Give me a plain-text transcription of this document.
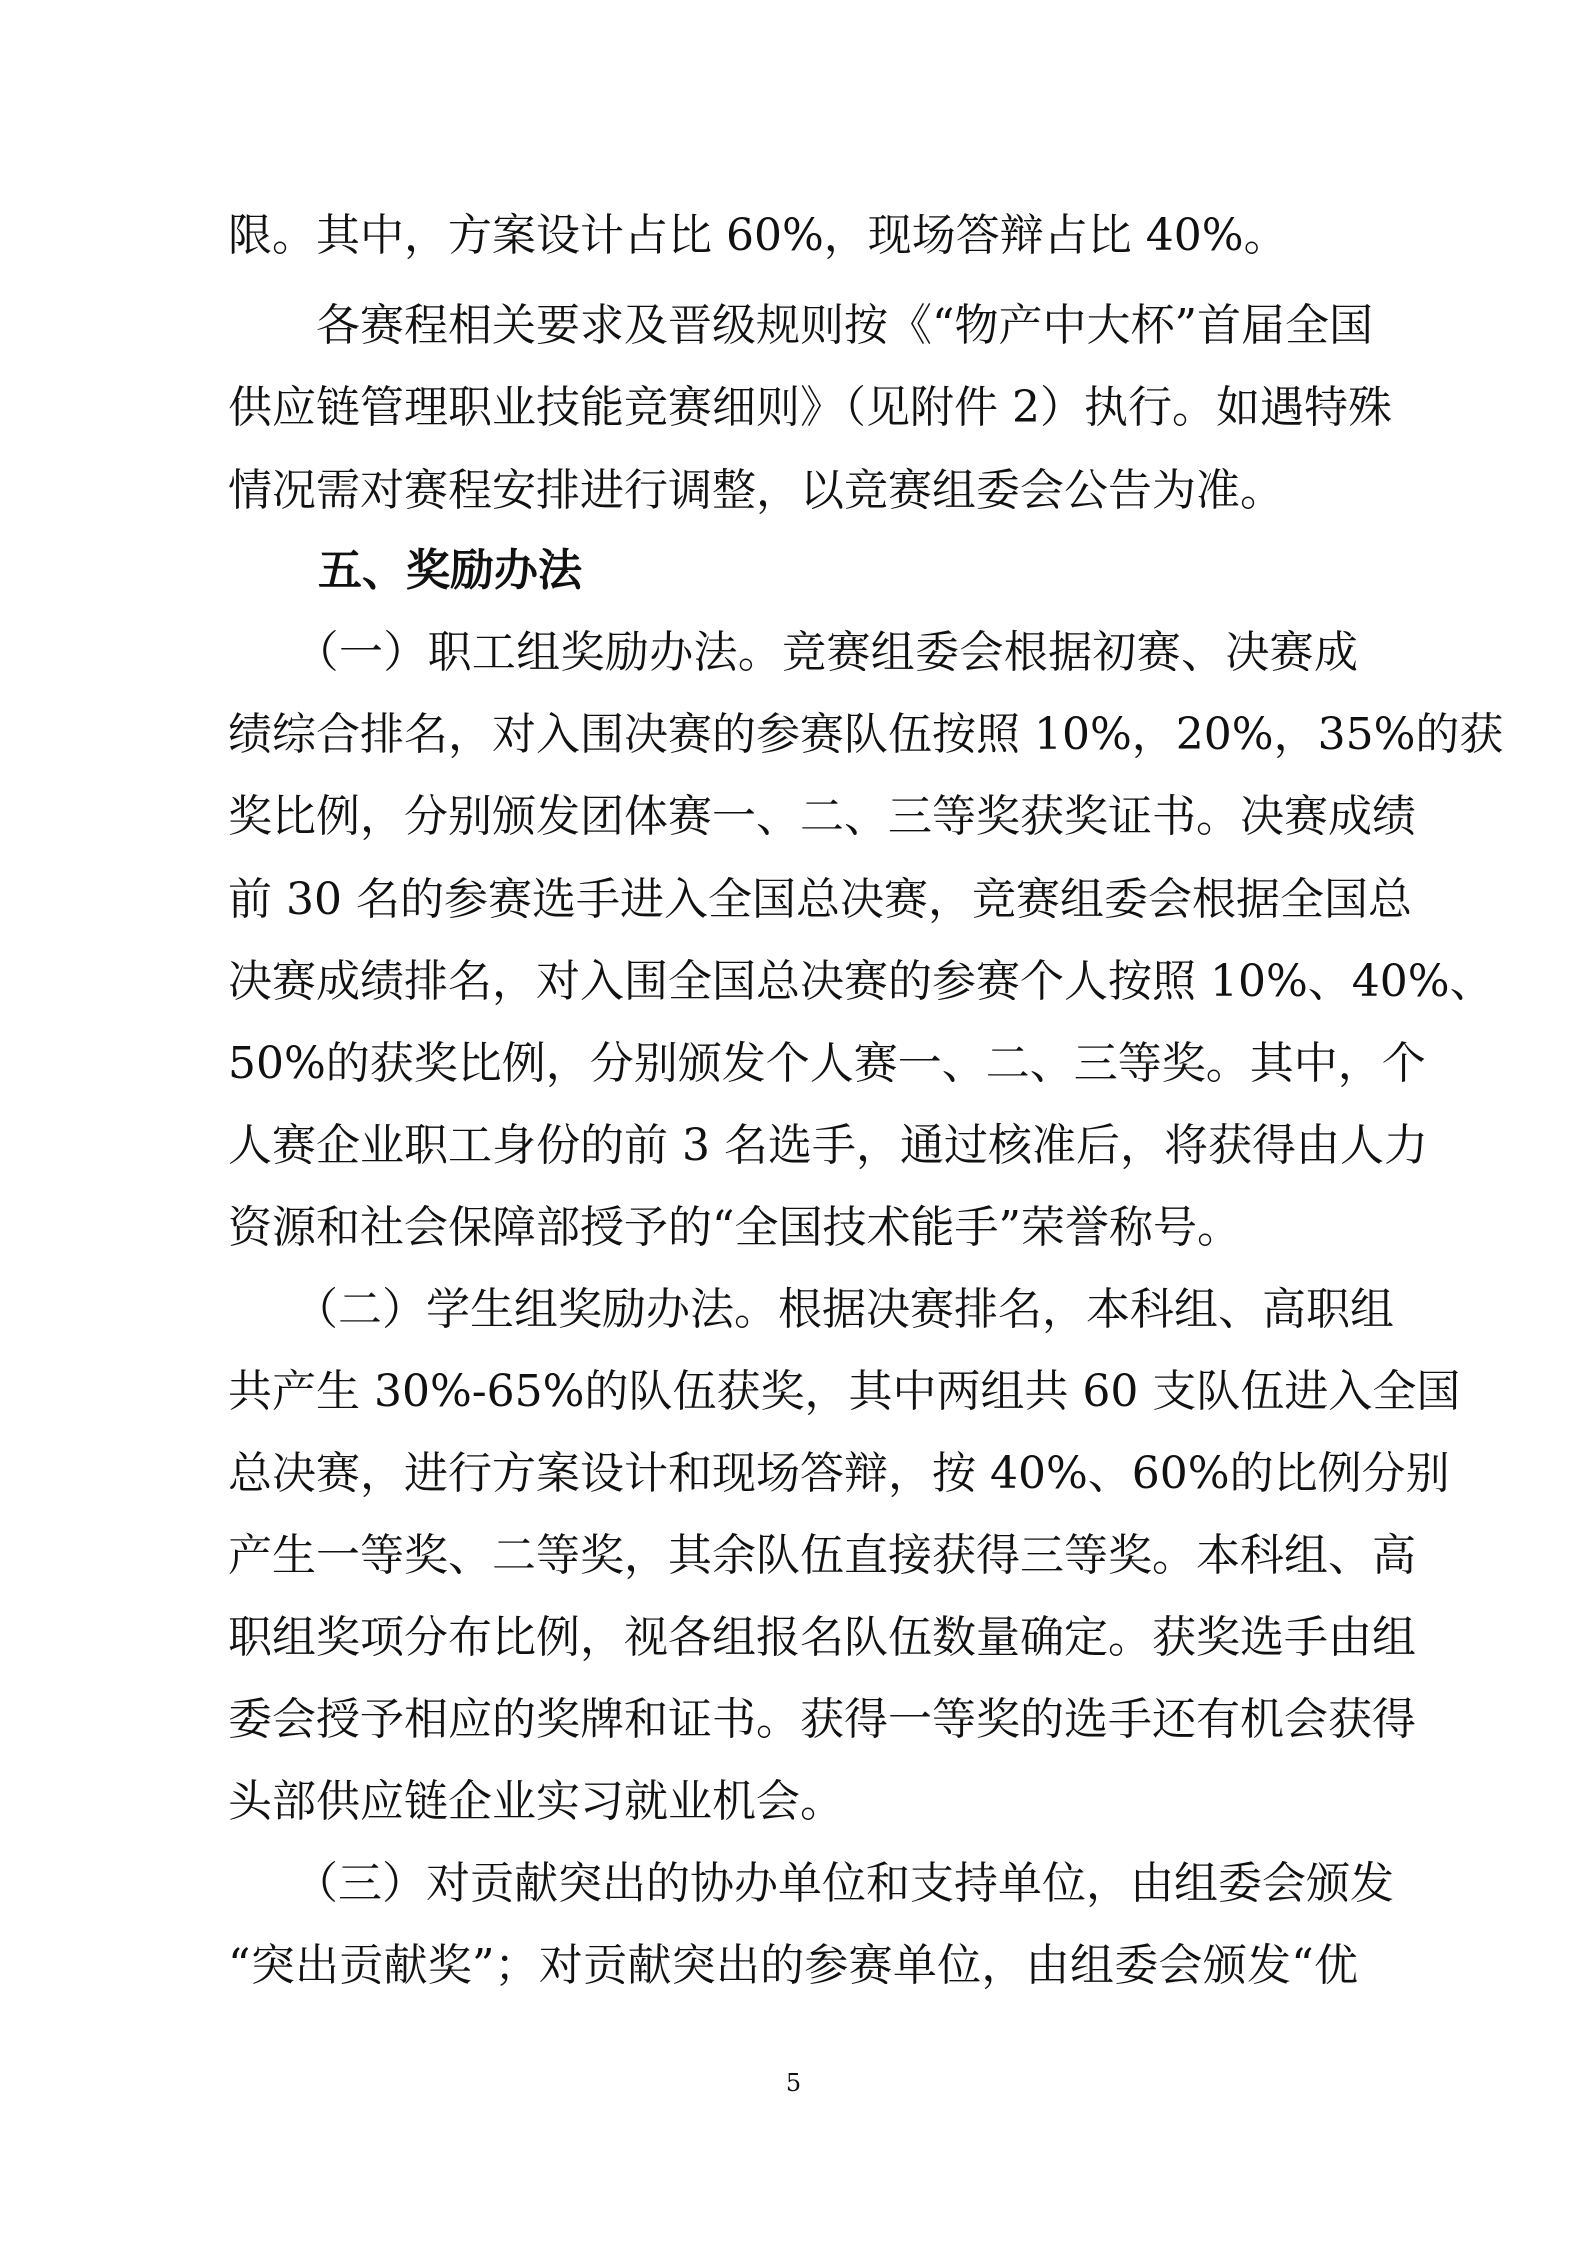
限。其中，方案设计占比 60%，现场答辩占比 40%。
　　各赛程相关要求及晋级规则按《“物产中大杯”首届全国
供应链管理职业技能竞赛细则》（见附件 2）执行。如遇特殊
情况需对赛程安排进行调整，以竞赛组委会公告为准。
五、奖励办法
　　（一）职工组奖励办法。竞赛组委会根据初赛、决赛成
绩综合排名，对入围决赛的参赛队伍按照 10%，20%，35%的获
奖比例，分别颁发团体赛一、二、三等奖获奖证书。决赛成绩
前 30 名的参赛选手进入全国总决赛，竞赛组委会根据全国总
决赛成绩排名，对入围全国总决赛的参赛个人按照 10%、40%、
50%的获奖比例，分别颁发个人赛一、二、三等奖。其中，个
人赛企业职工身份的前 3 名选手，通过核准后，将获得由人力
资源和社会保障部授予的“全国技术能手”荣誉称号。
　　（二）学生组奖励办法。根据决赛排名，本科组、高职组
共产生 30%-65%的队伍获奖，其中两组共 60 支队伍进入全国
总决赛，进行方案设计和现场答辩，按 40%、60%的比例分别
产生一等奖、二等奖，其余队伍直接获得三等奖。本科组、高
职组奖项分布比例，视各组报名队伍数量确定。获奖选手由组
委会授予相应的奖牌和证书。获得一等奖的选手还有机会获得
头部供应链企业实习就业机会。
　　（三）对贡献突出的协办单位和支持单位，由组委会颁发
“突出贡献奖”；对贡献突出的参赛单位，由组委会颁发“优
5
